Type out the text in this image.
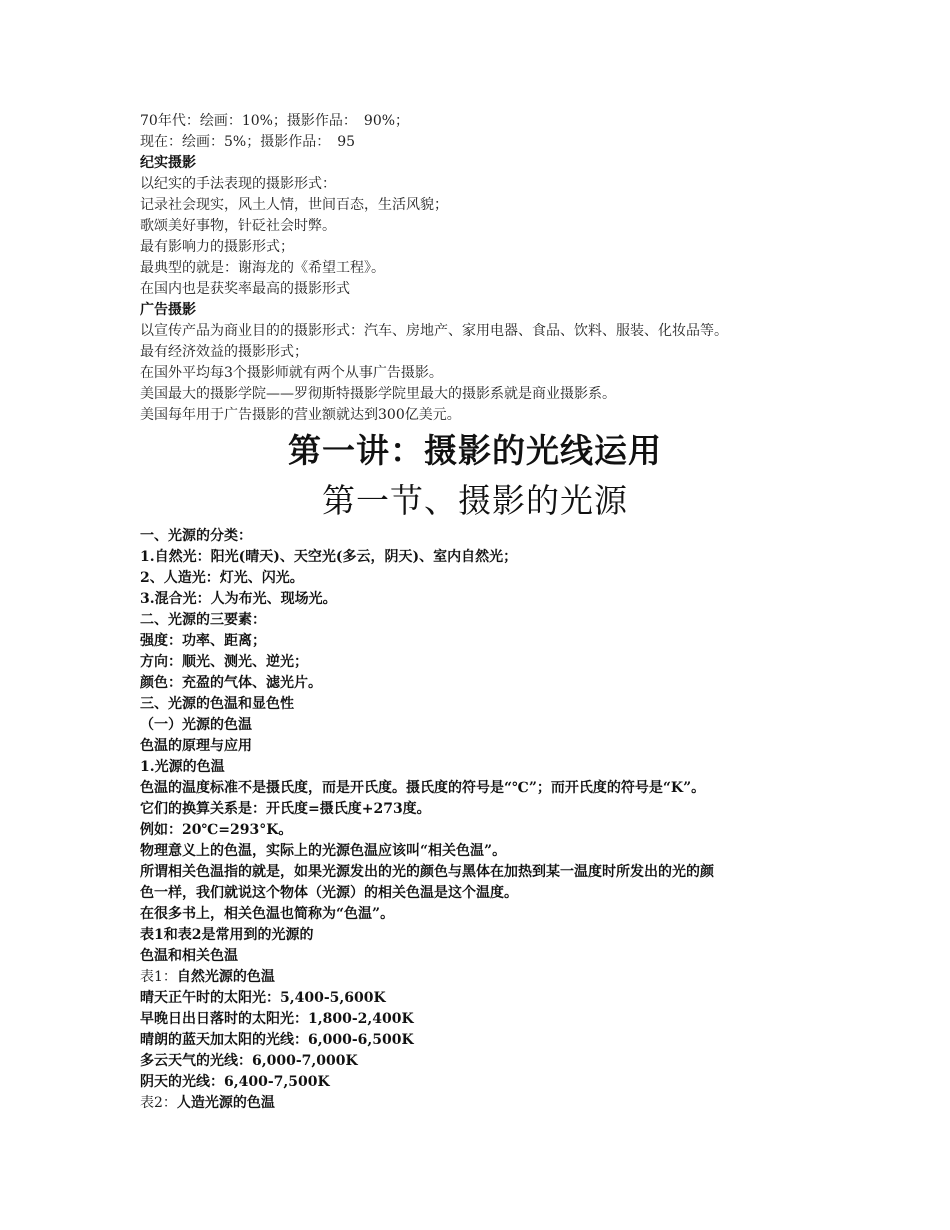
70年代：绘画：10%；摄影作品：　90%；
现在：绘画：5%；摄影作品：　95
纪实摄影
以纪实的手法表现的摄影形式：
记录社会现实，风土人情，世间百态，生活风貌；
歌颂美好事物，针砭社会时弊。
最有影响力的摄影形式；
最典型的就是：谢海龙的《希望工程》。
在国内也是获奖率最高的摄影形式
广告摄影
以宣传产品为商业目的的摄影形式：汽车、房地产、家用电器、食品、饮料、服装、化妆品等。
最有经济效益的摄影形式；
在国外平均每3个摄影师就有两个从事广告摄影。
美国最大的摄影学院——罗彻斯特摄影学院里最大的摄影系就是商业摄影系。
美国每年用于广告摄影的营业额就达到300亿美元。
第一讲：摄影的光线运用
第一节、摄影的光源
一、光源的分类：
1.自然光：阳光(晴天)、天空光(多云，阴天)、室内自然光；
2、人造光：灯光、闪光。
3.混合光：人为布光、现场光。
二、光源的三要素：
强度：功率、距离；
方向：顺光、测光、逆光；
颜色：充盈的气体、滤光片。
三、光源的色温和显色性
（一）光源的色温
色温的原理与应用
1.光源的色温
色温的温度标准不是摄氏度，而是开氏度。摄氏度的符号是“℃”；而开氏度的符号是“K”。
它们的换算关系是：开氏度=摄氏度+273度。
例如：20℃=293°K。
物理意义上的色温，实际上的光源色温应该叫“相关色温”。
所谓相关色温指的就是，如果光源发出的光的颜色与黑体在加热到某一温度时所发出的光的颜
色一样，我们就说这个物体（光源）的相关色温是这个温度。
在很多书上，相关色温也简称为“色温”。
表1和表2是常用到的光源的
色温和相关色温
表1：自然光源的色温
晴天正午时的太阳光：5,400-5,600K
早晚日出日落时的太阳光：1,800-2,400K
晴朗的蓝天加太阳的光线：6,000-6,500K
多云天气的光线：6,000-7,000K
阴天的光线：6,400-7,500K
表2：人造光源的色温
